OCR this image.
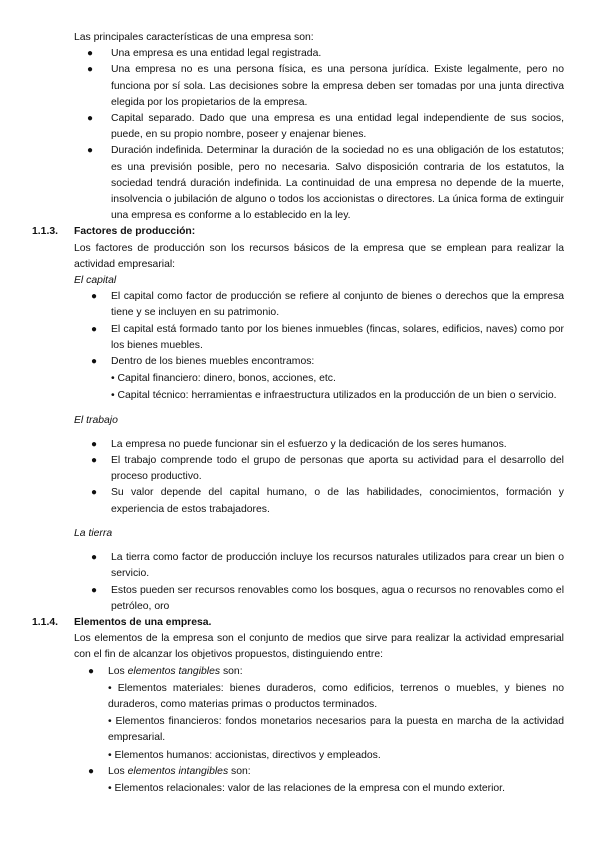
Las principales características de una empresa son:
●	Una empresa es una entidad legal registrada.
●	Una empresa no es una persona física, es una persona jurídica. Existe legalmente, pero no funciona por sí sola. Las decisiones sobre la empresa deben ser tomadas por una junta directiva elegida por los propietarios de la empresa.
●	Capital separado. Dado que una empresa es una entidad legal independiente de sus socios, puede, en su propio nombre, poseer y enajenar bienes.
●	Duración indefinida. Determinar la duración de la sociedad no es una obligación de los estatutos; es una previsión posible, pero no necesaria. Salvo disposición contraria de los estatutos, la sociedad tendrá duración indefinida. La continuidad de una empresa no depende de la muerte, insolvencia o jubilación de alguno o todos los accionistas o directores. La única forma de extinguir una empresa es conforme a lo establecido en la ley.
1.1.3. Factores de producción:
Los factores de producción son los recursos básicos de la empresa que se emplean para realizar la actividad empresarial:
El capital
●	El capital como factor de producción se refiere al conjunto de bienes o derechos que la empresa tiene y se incluyen en su patrimonio.
●	El capital está formado tanto por los bienes inmuebles (fincas, solares, edificios, naves) como por los bienes muebles.
●	Dentro de los bienes muebles encontramos:
• Capital financiero: dinero, bonos, acciones, etc.
• Capital técnico: herramientas e infraestructura utilizados en la producción de un bien o servicio.
El trabajo
●	La empresa no puede funcionar sin el esfuerzo y la dedicación de los seres humanos.
●	El trabajo comprende todo el grupo de personas que aporta su actividad para el desarrollo del proceso productivo.
●	Su valor depende del capital humano, o de las habilidades, conocimientos, formación y experiencia de estos trabajadores.
La tierra
●	La tierra como factor de producción incluye los recursos naturales utilizados para crear un bien o servicio.
●	Estos pueden ser recursos renovables como los bosques, agua o recursos no renovables como el petróleo, oro
1.1.4. Elementos de una empresa.
Los elementos de la empresa son el conjunto de medios que sirve para realizar la actividad empresarial con el fin de alcanzar los objetivos propuestos, distinguiendo entre:
●	Los elementos tangibles son:
• Elementos materiales: bienes duraderos, como edificios, terrenos o muebles, y bienes no duraderos, como materias primas o productos terminados.
• Elementos financieros: fondos monetarios necesarios para la puesta en marcha de la actividad empresarial.
• Elementos humanos: accionistas, directivos y empleados.
●	Los elementos intangibles son:
• Elementos relacionales: valor de las relaciones de la empresa con el mundo exterior.
